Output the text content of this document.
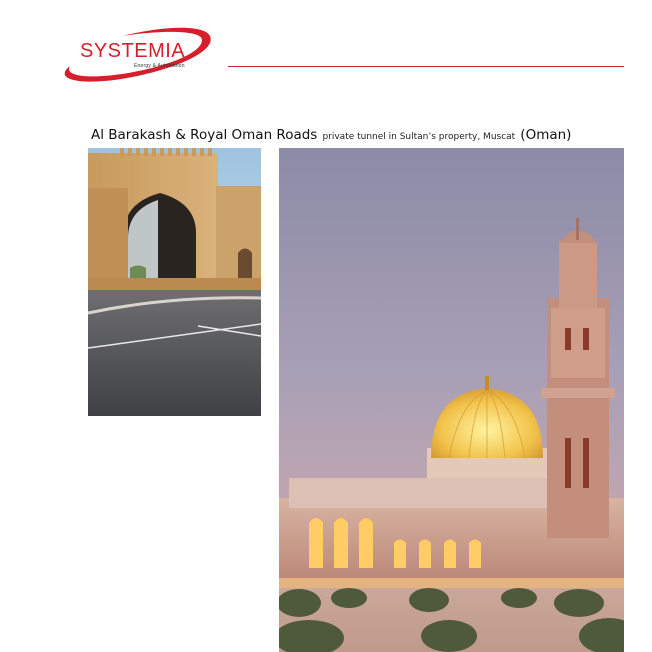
SYSTEMIA
Energy & Automation
Al Barakash & Royal Oman Roads private tunnel in Sultan’s property, Muscat (Oman)
